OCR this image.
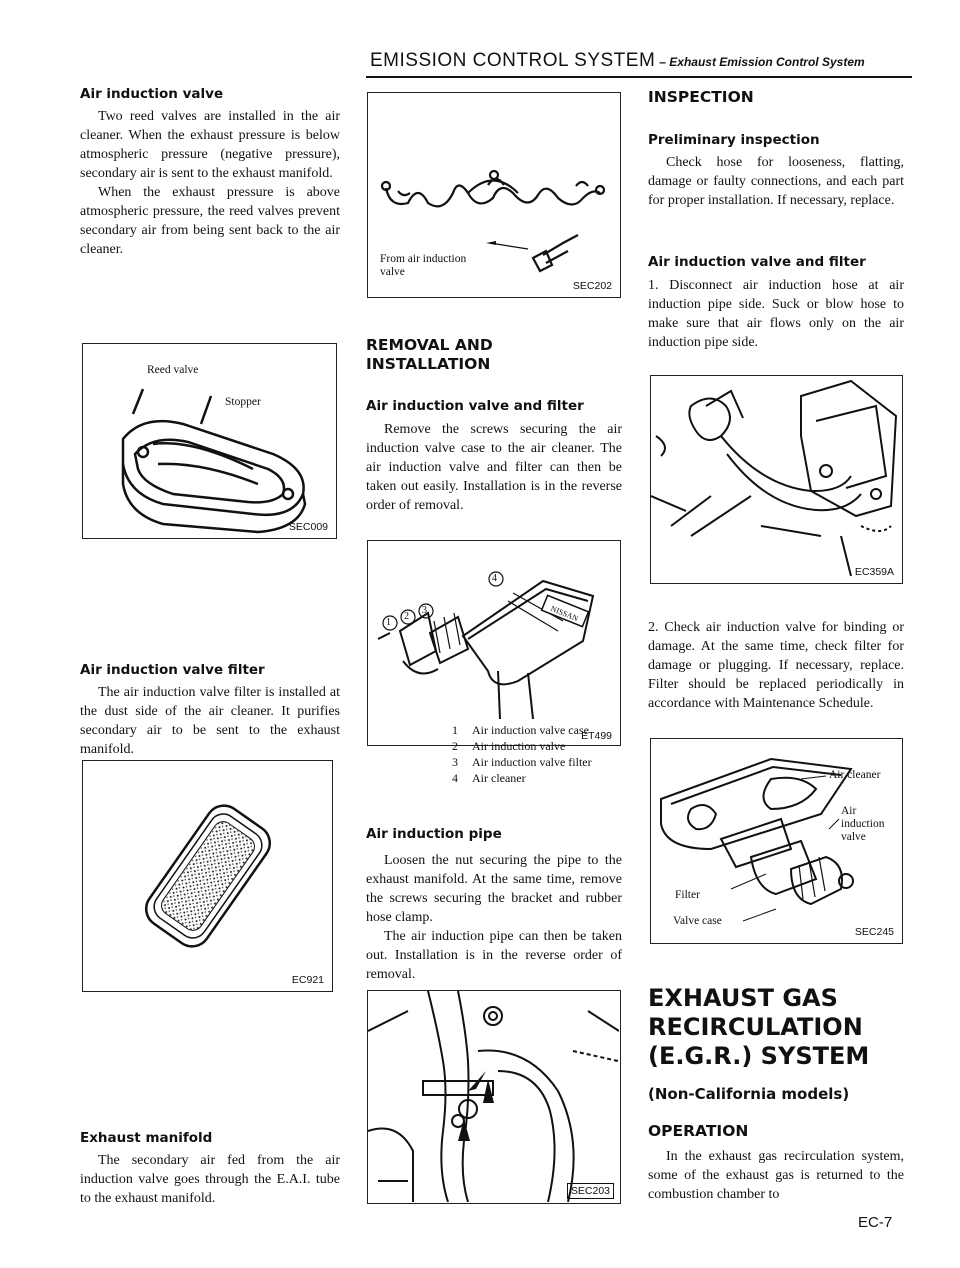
EMISSION CONTROL SYSTEM – Exhaust Emission Control System
Air induction valve

Two reed valves are installed in the air cleaner. When the exhaust pressure is below atmospheric pressure (negative pressure), secondary air is sent to the exhaust manifold.

When the exhaust pressure is above atmospheric pressure, the reed valves prevent secondary air from being sent back to the air cleaner.

Reed valve
Stopper
SEC009
Air induction valve filter

The air induction valve filter is installed at the dust side of the air cleaner. It purifies secondary air to be sent to the exhaust manifold.

EC921
Exhaust manifold

The secondary air fed from the air induction valve goes through the E.A.I. tube to the exhaust manifold.

From air induction
valve
SEC202
REMOVAL AND
INSTALLATION
Air induction valve and filter

Remove the screws securing the air induction valve case to the air cleaner. The air induction valve and filter can then be taken out easily. Installation is in the reverse order of removal.

1
2
3
4
NISSAN
ET499
1 Air induction valve case
2 Air induction valve
3 Air induction valve filter
4 Air cleaner
Air induction pipe

Loosen the nut securing the pipe to the exhaust manifold. At the same time, remove the screws securing the bracket and rubber hose clamp.

The air induction pipe can then be taken out. Installation is in the reverse order of removal.

SEC203
INSPECTION
Preliminary inspection

Check hose for looseness, flatting, damage or faulty connections, and each part for proper installation. If necessary, replace.

Air induction valve and filter

1. Disconnect air induction hose at air induction pipe side. Suck or blow hose to make sure that air flows only on the air induction pipe side.

EC359A

2. Check air induction valve for binding or damage. At the same time, check filter for damage or plugging. If necessary, replace. Filter should be replaced periodically in accordance with Maintenance Schedule.

Air cleaner
Air
induction
valve
Filter
Valve case
SEC245
EXHAUST GAS
RECIRCULATION
(E.G.R.) SYSTEM
(Non-California models)
OPERATION

In the exhaust gas recirculation system, some of the exhaust gas is returned to the combustion chamber to

EC-7
